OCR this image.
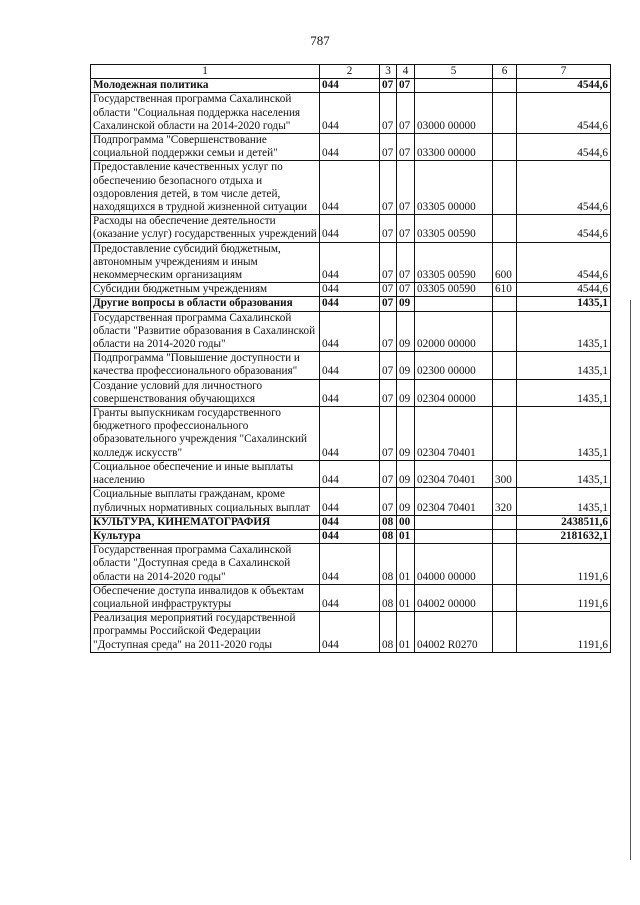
787
1	2	3	4	5	6	7
Молодежная политика	044	07	07			4544,6
Государственная программа Сахалинской области "Социальная поддержка населения Сахалинской области на 2014-2020 годы"	044	07	07	03000 00000		4544,6
Подпрограмма "Совершенствование социальной поддержки семьи и детей"	044	07	07	03300 00000		4544,6
Предоставление качественных услуг по обеспечению безопасного отдыха и оздоровления детей, в том числе детей, находящихся в трудной жизненной ситуации	044	07	07	03305 00000		4544,6
Расходы на обеспечение деятельности (оказание услуг) государственных учреждений	044	07	07	03305 00590		4544,6
Предоставление субсидий бюджетным, автономным учреждениям и иным некоммерческим организациям	044	07	07	03305 00590	600	4544,6
Субсидии бюджетным учреждениям	044	07	07	03305 00590	610	4544,6
Другие вопросы в области образования	044	07	09			1435,1
Государственная программа Сахалинской области "Развитие образования в Сахалинской области на 2014-2020 годы"	044	07	09	02000 00000		1435,1
Подпрограмма "Повышение доступности и качества профессионального образования"	044	07	09	02300 00000		1435,1
Создание условий для личностного совершенствования обучающихся	044	07	09	02304 00000		1435,1
Гранты выпускникам государственного бюджетного профессионального образовательного учреждения "Сахалинский колледж искусств"	044	07	09	02304 70401		1435,1
Социальное обеспечение и иные выплаты населению	044	07	09	02304 70401	300	1435,1
Социальные выплаты гражданам, кроме публичных нормативных социальных выплат	044	07	09	02304 70401	320	1435,1
КУЛЬТУРА, КИНЕМАТОГРАФИЯ	044	08	00			2438511,6
Культура	044	08	01			2181632,1
Государственная программа Сахалинской области "Доступная среда в Сахалинской области на 2014-2020 годы"	044	08	01	04000 00000		1191,6
Обеспечение доступа инвалидов к объектам социальной инфраструктуры	044	08	01	04002 00000		1191,6
Реализация мероприятий государственной программы Российской Федерации "Доступная среда" на 2011-2020 годы	044	08	01	04002 R0270		1191,6
